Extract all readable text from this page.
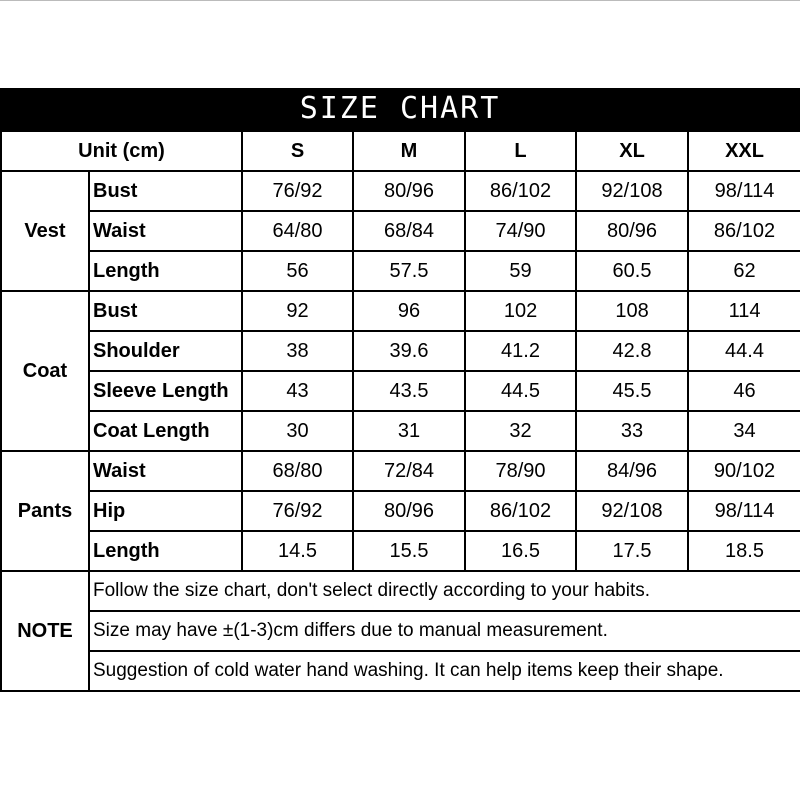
SIZE CHART
Unit (cm)		S	M	L	XL	XXL
Vest	Bust	76/92	80/96	86/102	92/108	98/114
	Waist	64/80	68/84	74/90	80/96	86/102
	Length	56	57.5	59	60.5	62
Coat	Bust	92	96	102	108	114
	Shoulder	38	39.6	41.2	42.8	44.4
	Sleeve Length	43	43.5	44.5	45.5	46
	Coat Length	30	31	32	33	34
Pants	Waist	68/80	72/84	78/90	84/96	90/102
	Hip	76/92	80/96	86/102	92/108	98/114
	Length	14.5	15.5	16.5	17.5	18.5
NOTE	Follow the size chart, don't select directly according to your habits.					
	Size may have ±(1-3)cm differs due to manual measurement.					
	Suggestion of cold water hand washing. It can help items keep their shape.					
